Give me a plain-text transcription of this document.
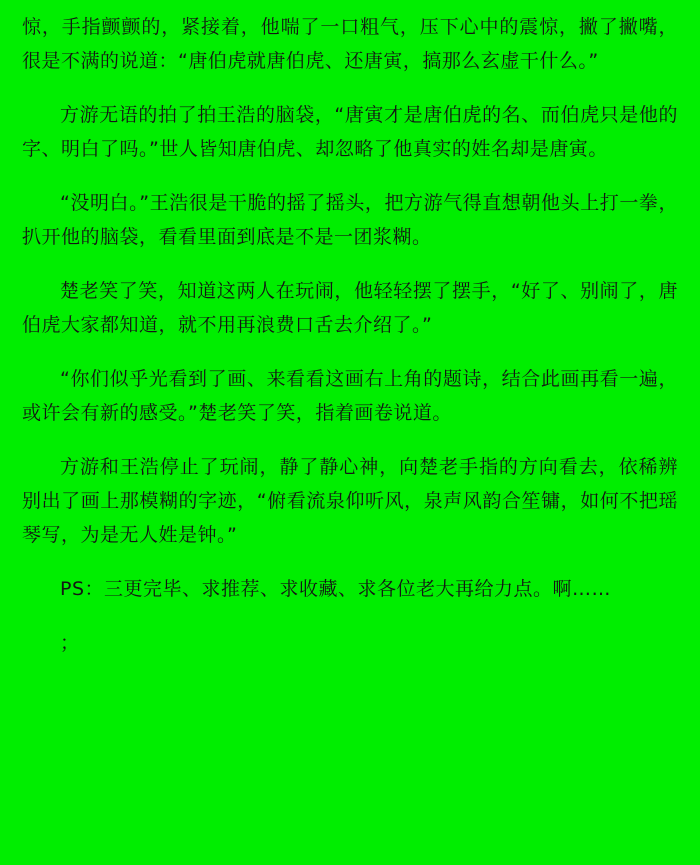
惊，手指颤颤的，紧接着，他喘了一口粗气，压下心中的震惊，撇了撇嘴，很是不满的说道：“唐伯虎就唐伯虎、还唐寅，搞那么玄虚干什么。”

方游无语的拍了拍王浩的脑袋，“唐寅才是唐伯虎的名、而伯虎只是他的字、明白了吗。”世人皆知唐伯虎、却忽略了他真实的姓名却是唐寅。

“没明白。”王浩很是干脆的摇了摇头，把方游气得直想朝他头上打一拳，扒开他的脑袋，看看里面到底是不是一团浆糊。

楚老笑了笑，知道这两人在玩闹，他轻轻摆了摆手，“好了、别闹了，唐伯虎大家都知道，就不用再浪费口舌去介绍了。”

“你们似乎光看到了画、来看看这画右上角的题诗，结合此画再看一遍，或许会有新的感受。”楚老笑了笑，指着画卷说道。

方游和王浩停止了玩闹，静了静心神，向楚老手指的方向看去，依稀辨别出了画上那模糊的字迹，“俯看流泉仰听风，泉声风韵合笙镛，如何不把瑶琴写，为是无人姓是钟。”

PS：三更完毕、求推荐、求收藏、求各位老大再给力点。啊……

；
